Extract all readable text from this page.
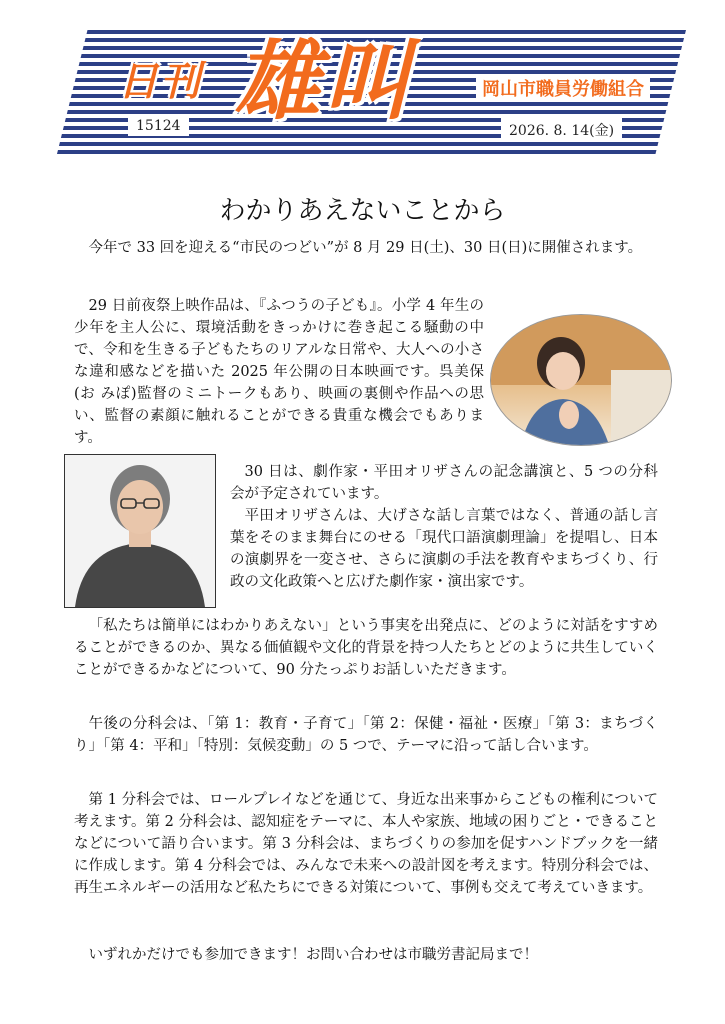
日刊 雄叫	岡山市職員労働組合
15124	2026. 8. 14(金)
わかりあえないことから

今年で 33 回を迎える“市民のつどい”が 8 月 29 日(土)、30 日(日)に開催されます。

29 日前夜祭上映作品は、『ふつうの子ども』。小学 4 年生の少年を主人公に、環境活動をきっかけに巻き起こる騒動の中で、令和を生きる子どもたちのリアルな日常や、大人への小さな違和感などを描いた 2025 年公開の日本映画です。呉美保(お みぽ)監督のミニトークもあり、映画の裏側や作品への思い、監督の素顔に触れることができる貴重な機会でもあります。

30 日は、劇作家・平田オリザさんの記念講演と、5 つの分科会が予定されています。

平田オリザさんは、大げさな話し言葉ではなく、普通の話し言葉をそのまま舞台にのせる「現代口語演劇理論」を提唱し、日本の演劇界を一変させ、さらに演劇の手法を教育やまちづくり、行政の文化政策へと広げた劇作家・演出家です。

「私たちは簡単にはわかりあえない」という事実を出発点に、どのように対話をすすめることができるのか、異なる価値観や文化的背景を持つ人たちとどのように共生していくことができるかなどについて、90 分たっぷりお話しいただきます。

午後の分科会は、「第 1：教育・子育て」「第 2：保健・福祉・医療」「第 3：まちづくり」「第 4：平和」「特別：気候変動」の 5 つで、テーマに沿って話し合います。

第 1 分科会では、ロールプレイなどを通じて、身近な出来事からこどもの権利について考えます。第 2 分科会は、認知症をテーマに、本人や家族、地域の困りごと・できることなどについて語り合います。第 3 分科会は、まちづくりの参加を促すハンドブックを一緒に作成します。第 4 分科会では、みんなで未来への設計図を考えます。特別分科会では、再生エネルギーの活用など私たちにできる対策について、事例も交えて考えていきます。

いずれかだけでも参加できます！お問い合わせは市職労書記局まで！
